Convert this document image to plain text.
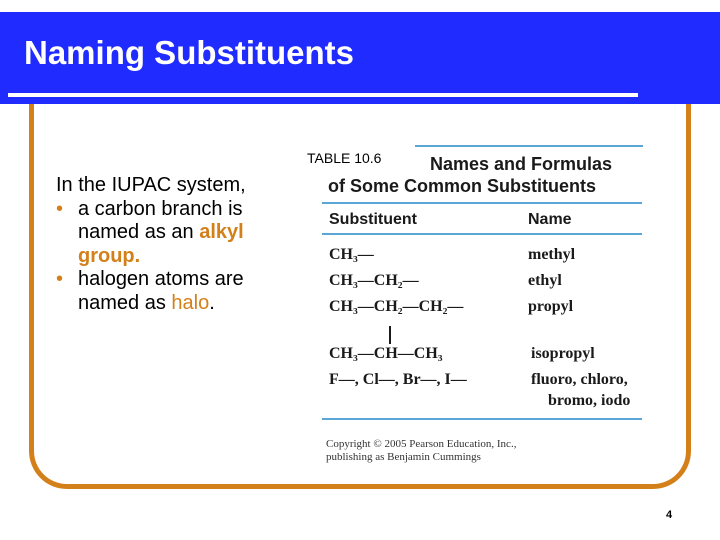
Naming Substituents

In the IUPAC system,

• a carbon branch is

named as an alkyl

group.

• halogen atoms are

named as halo.

TABLE 10.6	Names and Formulas
of Some Common Substituents
Substituent	Name
CH₃—	methyl
CH₃—CH₂—	ethyl
CH₃—CH₂—CH₂—	propyl
CH₃—CH—CH₃	isopropyl
F—, Cl—, Br—, I—	fluoro, chloro,
bromo, iodo
Copyright © 2005 Pearson Education, Inc.,
publishing as Benjamin Cummings
4
